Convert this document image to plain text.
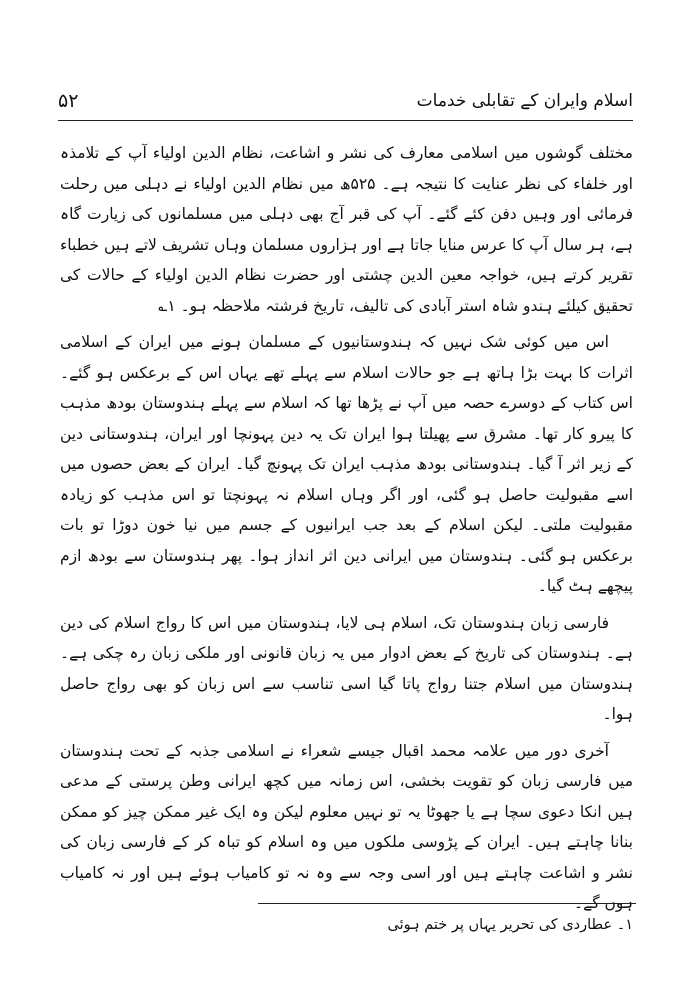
۵۲	اسلام وایران کے تقابلی خدمات

مختلف گوشوں میں اسلامی معارف کی نشر و اشاعت، نظام الدین اولیاء آپ کے تلامذہ اور خلفاء کی نظر عنایت کا نتیجہ ہے۔ ۵۲۵ھ میں نظام الدین اولیاء نے دہلی میں رحلت فرمائی اور وہیں دفن کئے گئے۔ آپ کی قبر آج بھی دہلی میں مسلمانوں کی زیارت گاہ ہے، ہر سال آپ کا عرس منایا جاتا ہے اور ہزاروں مسلمان وہاں تشریف لاتے ہیں خطباء تقریر کرتے ہیں، خواجہ معین الدین چشتی اور حضرت نظام الدین اولیاء کے حالات کی تحقیق کیلئے ہندو شاہ استر آبادی کی تالیف، تاریخ فرشتہ ملاحظہ ہو۔ ۱؎

اس میں کوئی شک نہیں کہ ہندوستانیوں کے مسلمان ہونے میں ایران کے اسلامی اثرات کا بہت بڑا ہاتھ ہے جو حالات اسلام سے پہلے تھے یہاں اس کے برعکس ہو گئے۔ اس کتاب کے دوسرے حصہ میں آپ نے پڑھا تھا کہ اسلام سے پہلے ہندوستان بودھ مذہب کا پیرو کار تھا۔ مشرق سے پھیلتا ہوا ایران تک یہ دین پہونچا اور ایران، ہندوستانی دین کے زیر اثر آ گیا۔ ہندوستانی بودھ مذہب ایران تک پہونچ گیا۔ ایران کے بعض حصوں میں اسے مقبولیت حاصل ہو گئی، اور اگر وہاں اسلام نہ پہونچتا تو اس مذہب کو زیادہ مقبولیت ملتی۔ لیکن اسلام کے بعد جب ایرانیوں کے جسم میں نیا خون دوڑا تو بات برعکس ہو گئی۔ ہندوستان میں ایرانی دین اثر انداز ہوا۔ پھر ہندوستان سے بودھ ازم پیچھے ہٹ گیا۔

فارسی زبان ہندوستان تک، اسلام ہی لایا، ہندوستان میں اس کا رواج اسلام کی دین ہے۔ ہندوستان کی تاریخ کے بعض ادوار میں یہ زبان قانونی اور ملکی زبان رہ چکی ہے۔ ہندوستان میں اسلام جتنا رواج پاتا گیا اسی تناسب سے اس زبان کو بھی رواج حاصل ہوا۔

آخری دور میں علامہ محمد اقبال جیسے شعراء نے اسلامی جذبہ کے تحت ہندوستان میں فارسی زبان کو تقویت بخشی، اس زمانہ میں کچھ ایرانی وطن پرستی کے مدعی ہیں انکا دعوی سچا ہے یا جھوٹا یہ تو نہیں معلوم لیکن وہ ایک غیر ممکن چیز کو ممکن بنانا چاہتے ہیں۔ ایران کے پڑوسی ملکوں میں وہ اسلام کو تباہ کر کے فارسی زبان کی نشر و اشاعت چاہتے ہیں اور اسی وجہ سے وہ نہ تو کامیاب ہوئے ہیں اور نہ کامیاب ہوں گے۔

۱۔ عطاردی کی تحریر یہاں پر ختم ہوئی
